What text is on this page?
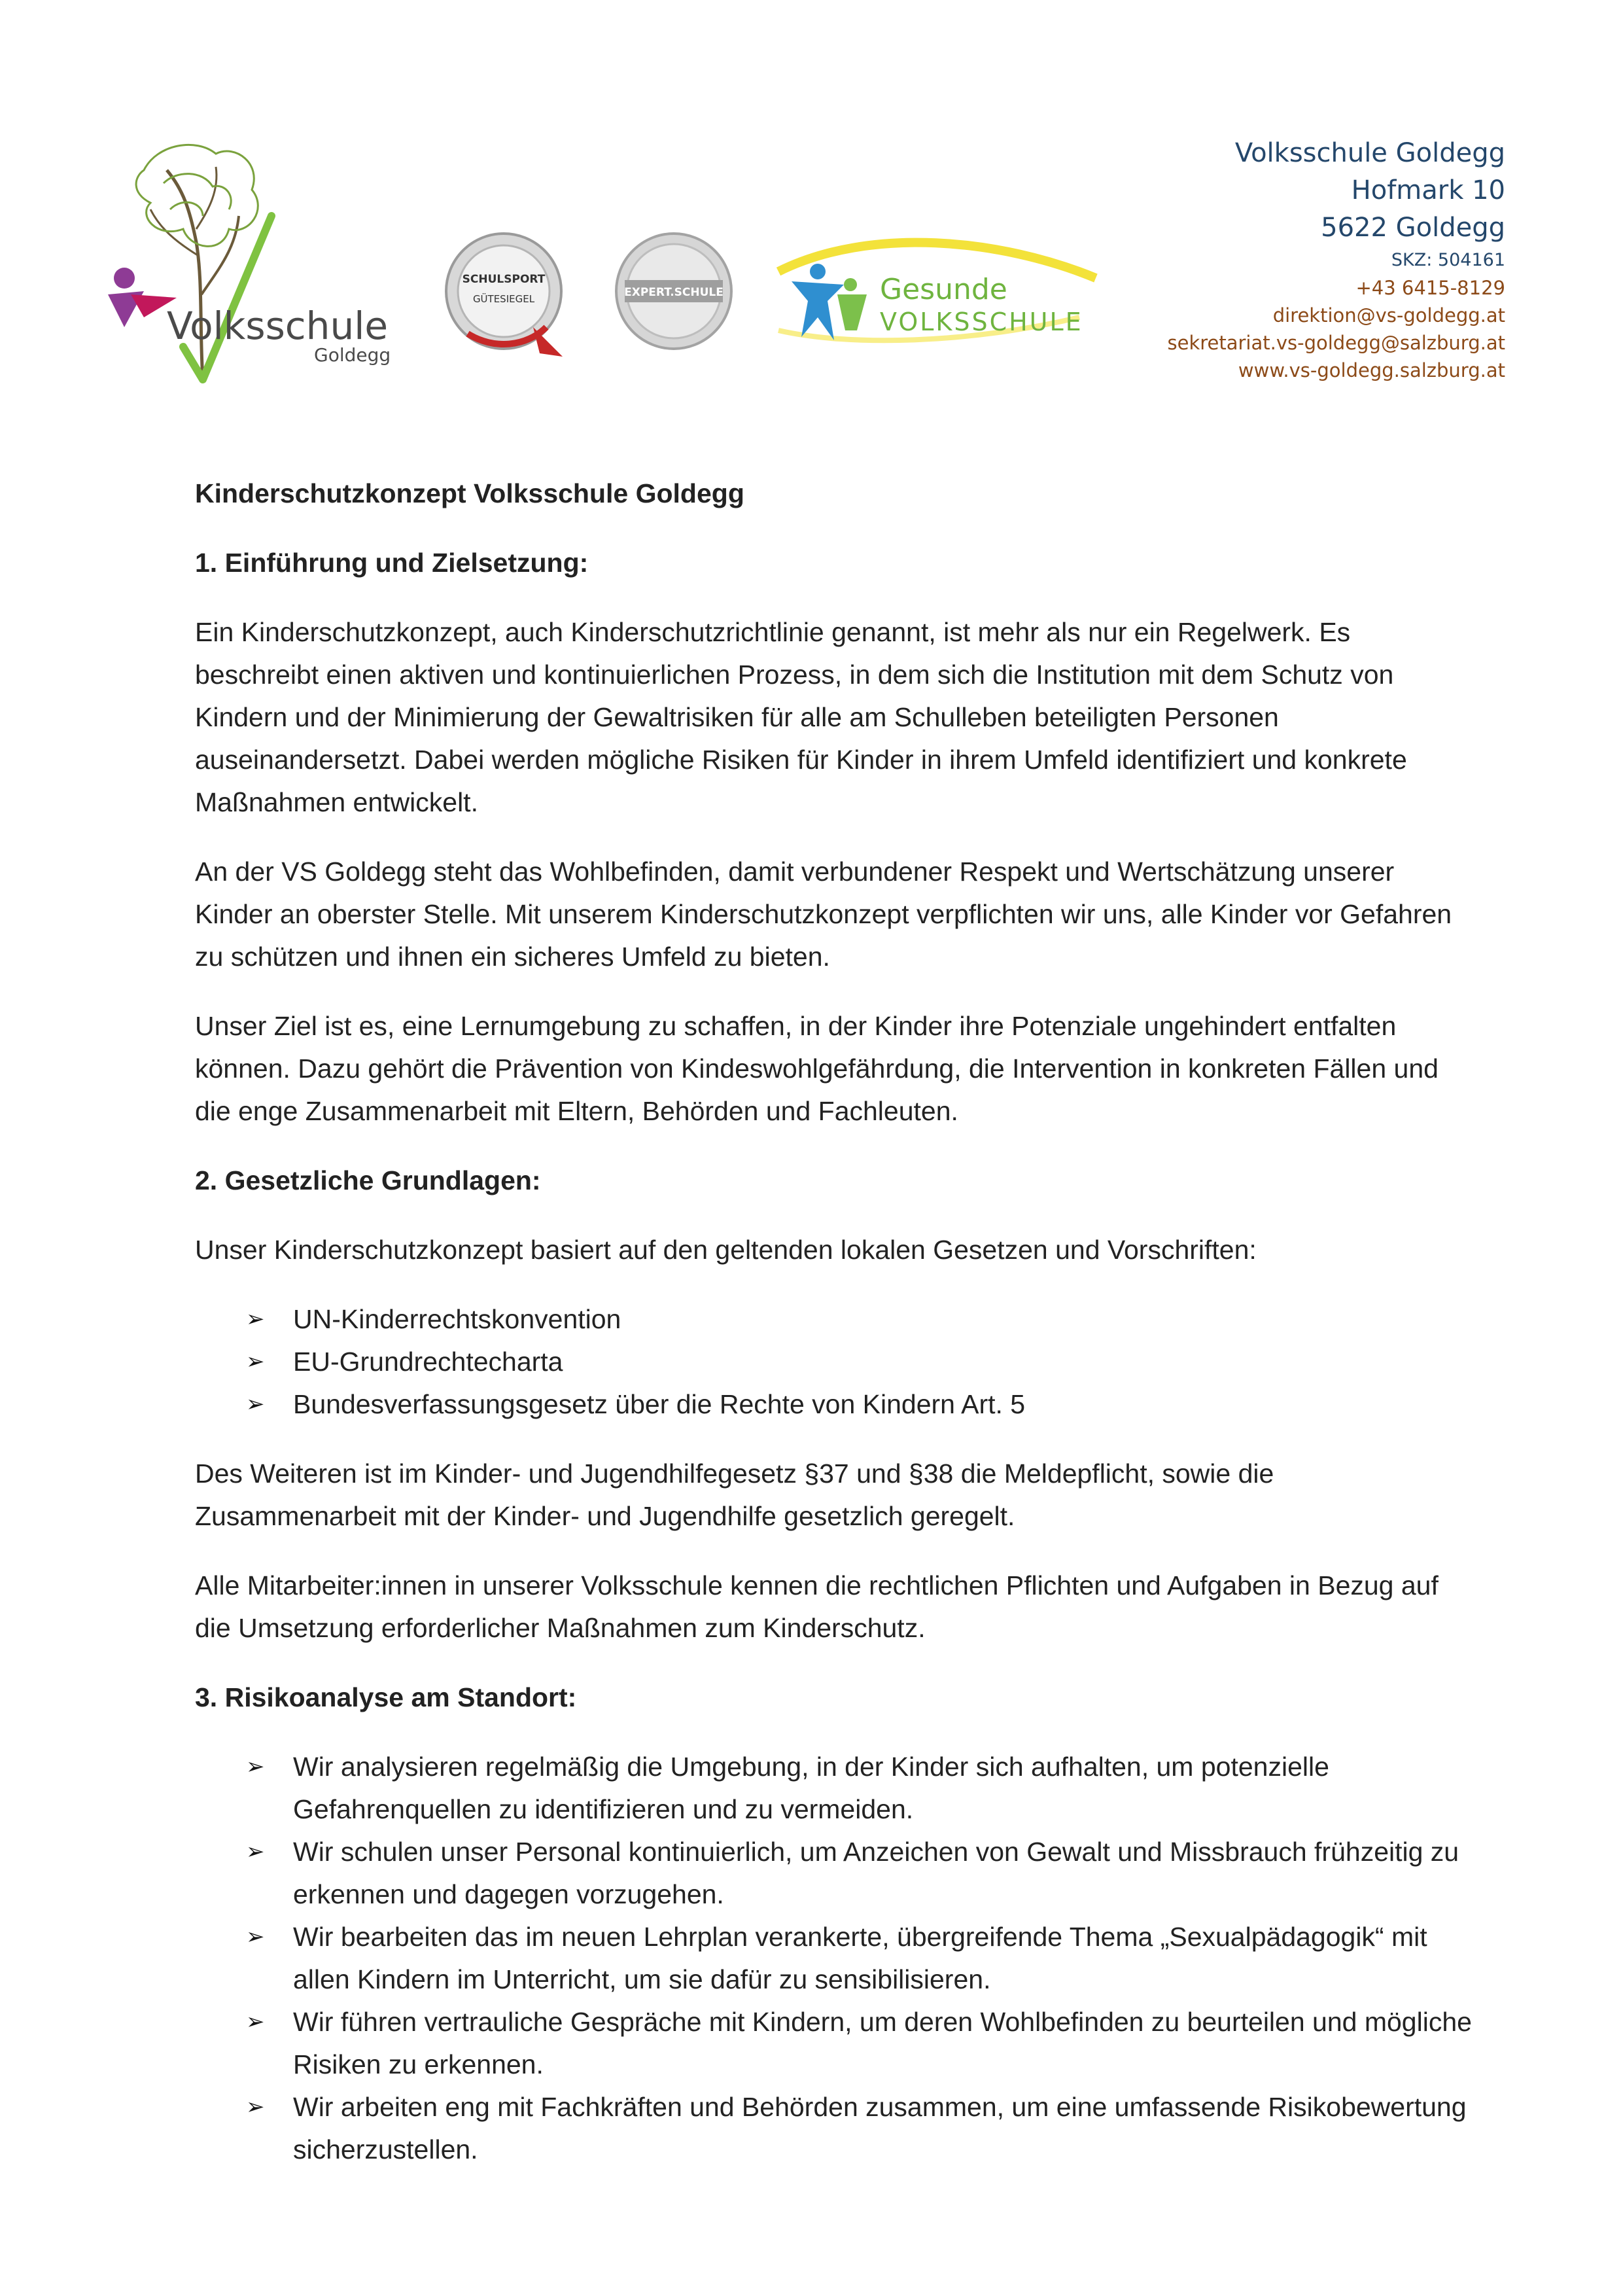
Volksschule
Goldegg
SCHULSPORT
GÜTESIEGEL	EXPERT.SCHULE	Gesunde
VOLKSSCHULE
Volksschule Goldegg
Hofmark 10
5622 Goldegg
SKZ: 504161
+43 6415-8129
direktion@vs-goldegg.at
sekretariat.vs-goldegg@salzburg.at
www.vs-goldegg.salzburg.at
Kinderschutzkonzept Volksschule Goldegg
1. Einführung und Zielsetzung:

Ein Kinderschutzkonzept, auch Kinderschutzrichtlinie genannt, ist mehr als nur ein Regelwerk. Es beschreibt einen aktiven und kontinuierlichen Prozess, in dem sich die Institution mit dem Schutz von Kindern und der Minimierung der Gewaltrisiken für alle am Schulleben beteiligten Personen auseinandersetzt. Dabei werden mögliche Risiken für Kinder in ihrem Umfeld identifiziert und konkrete Maßnahmen entwickelt.

An der VS Goldegg steht das Wohlbefinden, damit verbundener Respekt und Wertschätzung unserer Kinder an oberster Stelle. Mit unserem Kinderschutzkonzept verpflichten wir uns, alle Kinder vor Gefahren zu schützen und ihnen ein sicheres Umfeld zu bieten.

Unser Ziel ist es, eine Lernumgebung zu schaffen, in der Kinder ihre Potenziale ungehindert entfalten können. Dazu gehört die Prävention von Kindeswohlgefährdung, die Intervention in konkreten Fällen und die enge Zusammenarbeit mit Eltern, Behörden und Fachleuten.

2. Gesetzliche Grundlagen:

Unser Kinderschutzkonzept basiert auf den geltenden lokalen Gesetzen und Vorschriften:

➢ UN-Kinderrechtskonvention
➢ EU-Grundrechtecharta
➢ Bundesverfassungsgesetz über die Rechte von Kindern Art. 5

Des Weiteren ist im Kinder- und Jugendhilfegesetz §37 und §38 die Meldepflicht, sowie die Zusammenarbeit mit der Kinder- und Jugendhilfe gesetzlich geregelt.

Alle Mitarbeiter:innen in unserer Volksschule kennen die rechtlichen Pflichten und Aufgaben in Bezug auf die Umsetzung erforderlicher Maßnahmen zum Kinderschutz.

3. Risikoanalyse am Standort:
➢ Wir analysieren regelmäßig die Umgebung, in der Kinder sich aufhalten, um potenzielle Gefahrenquellen zu identifizieren und zu vermeiden.
➢ Wir schulen unser Personal kontinuierlich, um Anzeichen von Gewalt und Missbrauch frühzeitig zu erkennen und dagegen vorzugehen.
➢ Wir bearbeiten das im neuen Lehrplan verankerte, übergreifende Thema „Sexualpädagogik“ mit allen Kindern im Unterricht, um sie dafür zu sensibilisieren.
➢ Wir führen vertrauliche Gespräche mit Kindern, um deren Wohlbefinden zu beurteilen und mögliche Risiken zu erkennen.
➢ Wir arbeiten eng mit Fachkräften und Behörden zusammen, um eine umfassende Risikobewertung sicherzustellen.
